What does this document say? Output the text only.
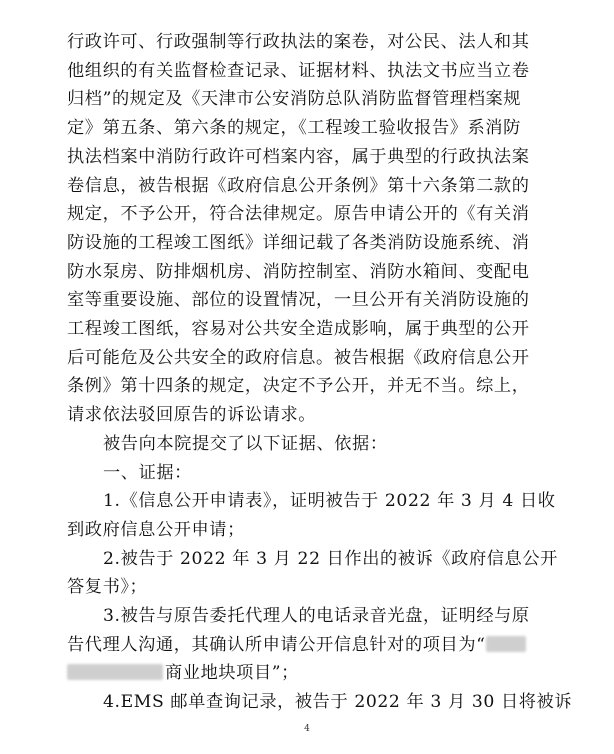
行政许可、行政强制等行政执法的案卷，对公民、法人和其
他组织的有关监督检查记录、证据材料、执法文书应当立卷
归档”的规定及《天津市公安消防总队消防监督管理档案规
定》第五条、第六条的规定，《工程竣工验收报告》系消防
执法档案中消防行政许可档案内容，属于典型的行政执法案
卷信息，被告根据《政府信息公开条例》第十六条第二款的
规定，不予公开，符合法律规定。原告申请公开的《有关消
防设施的工程竣工图纸》详细记载了各类消防设施系统、消
防水泵房、防排烟机房、消防控制室、消防水箱间、变配电
室等重要设施、部位的设置情况，一旦公开有关消防设施的
工程竣工图纸，容易对公共安全造成影响，属于典型的公开
后可能危及公共安全的政府信息。被告根据《政府信息公开
条例》第十四条的规定，决定不予公开，并无不当。综上，
请求依法驳回原告的诉讼请求。
被告向本院提交了以下证据、依据：
一、证据：
1.《信息公开申请表》，证明被告于 2022 年 3 月 4 日收
到政府信息公开申请；
2.被告于 2022 年 3 月 22 日作出的被诉《政府信息公开
答复书》；
3.被告与原告委托代理人的电话录音光盘，证明经与原
告代理人沟通，其确认所申请公开信息针对的项目为“
商业地块项目”；
4.EMS 邮单查询记录，被告于 2022 年 3 月 30 日将被诉
4
